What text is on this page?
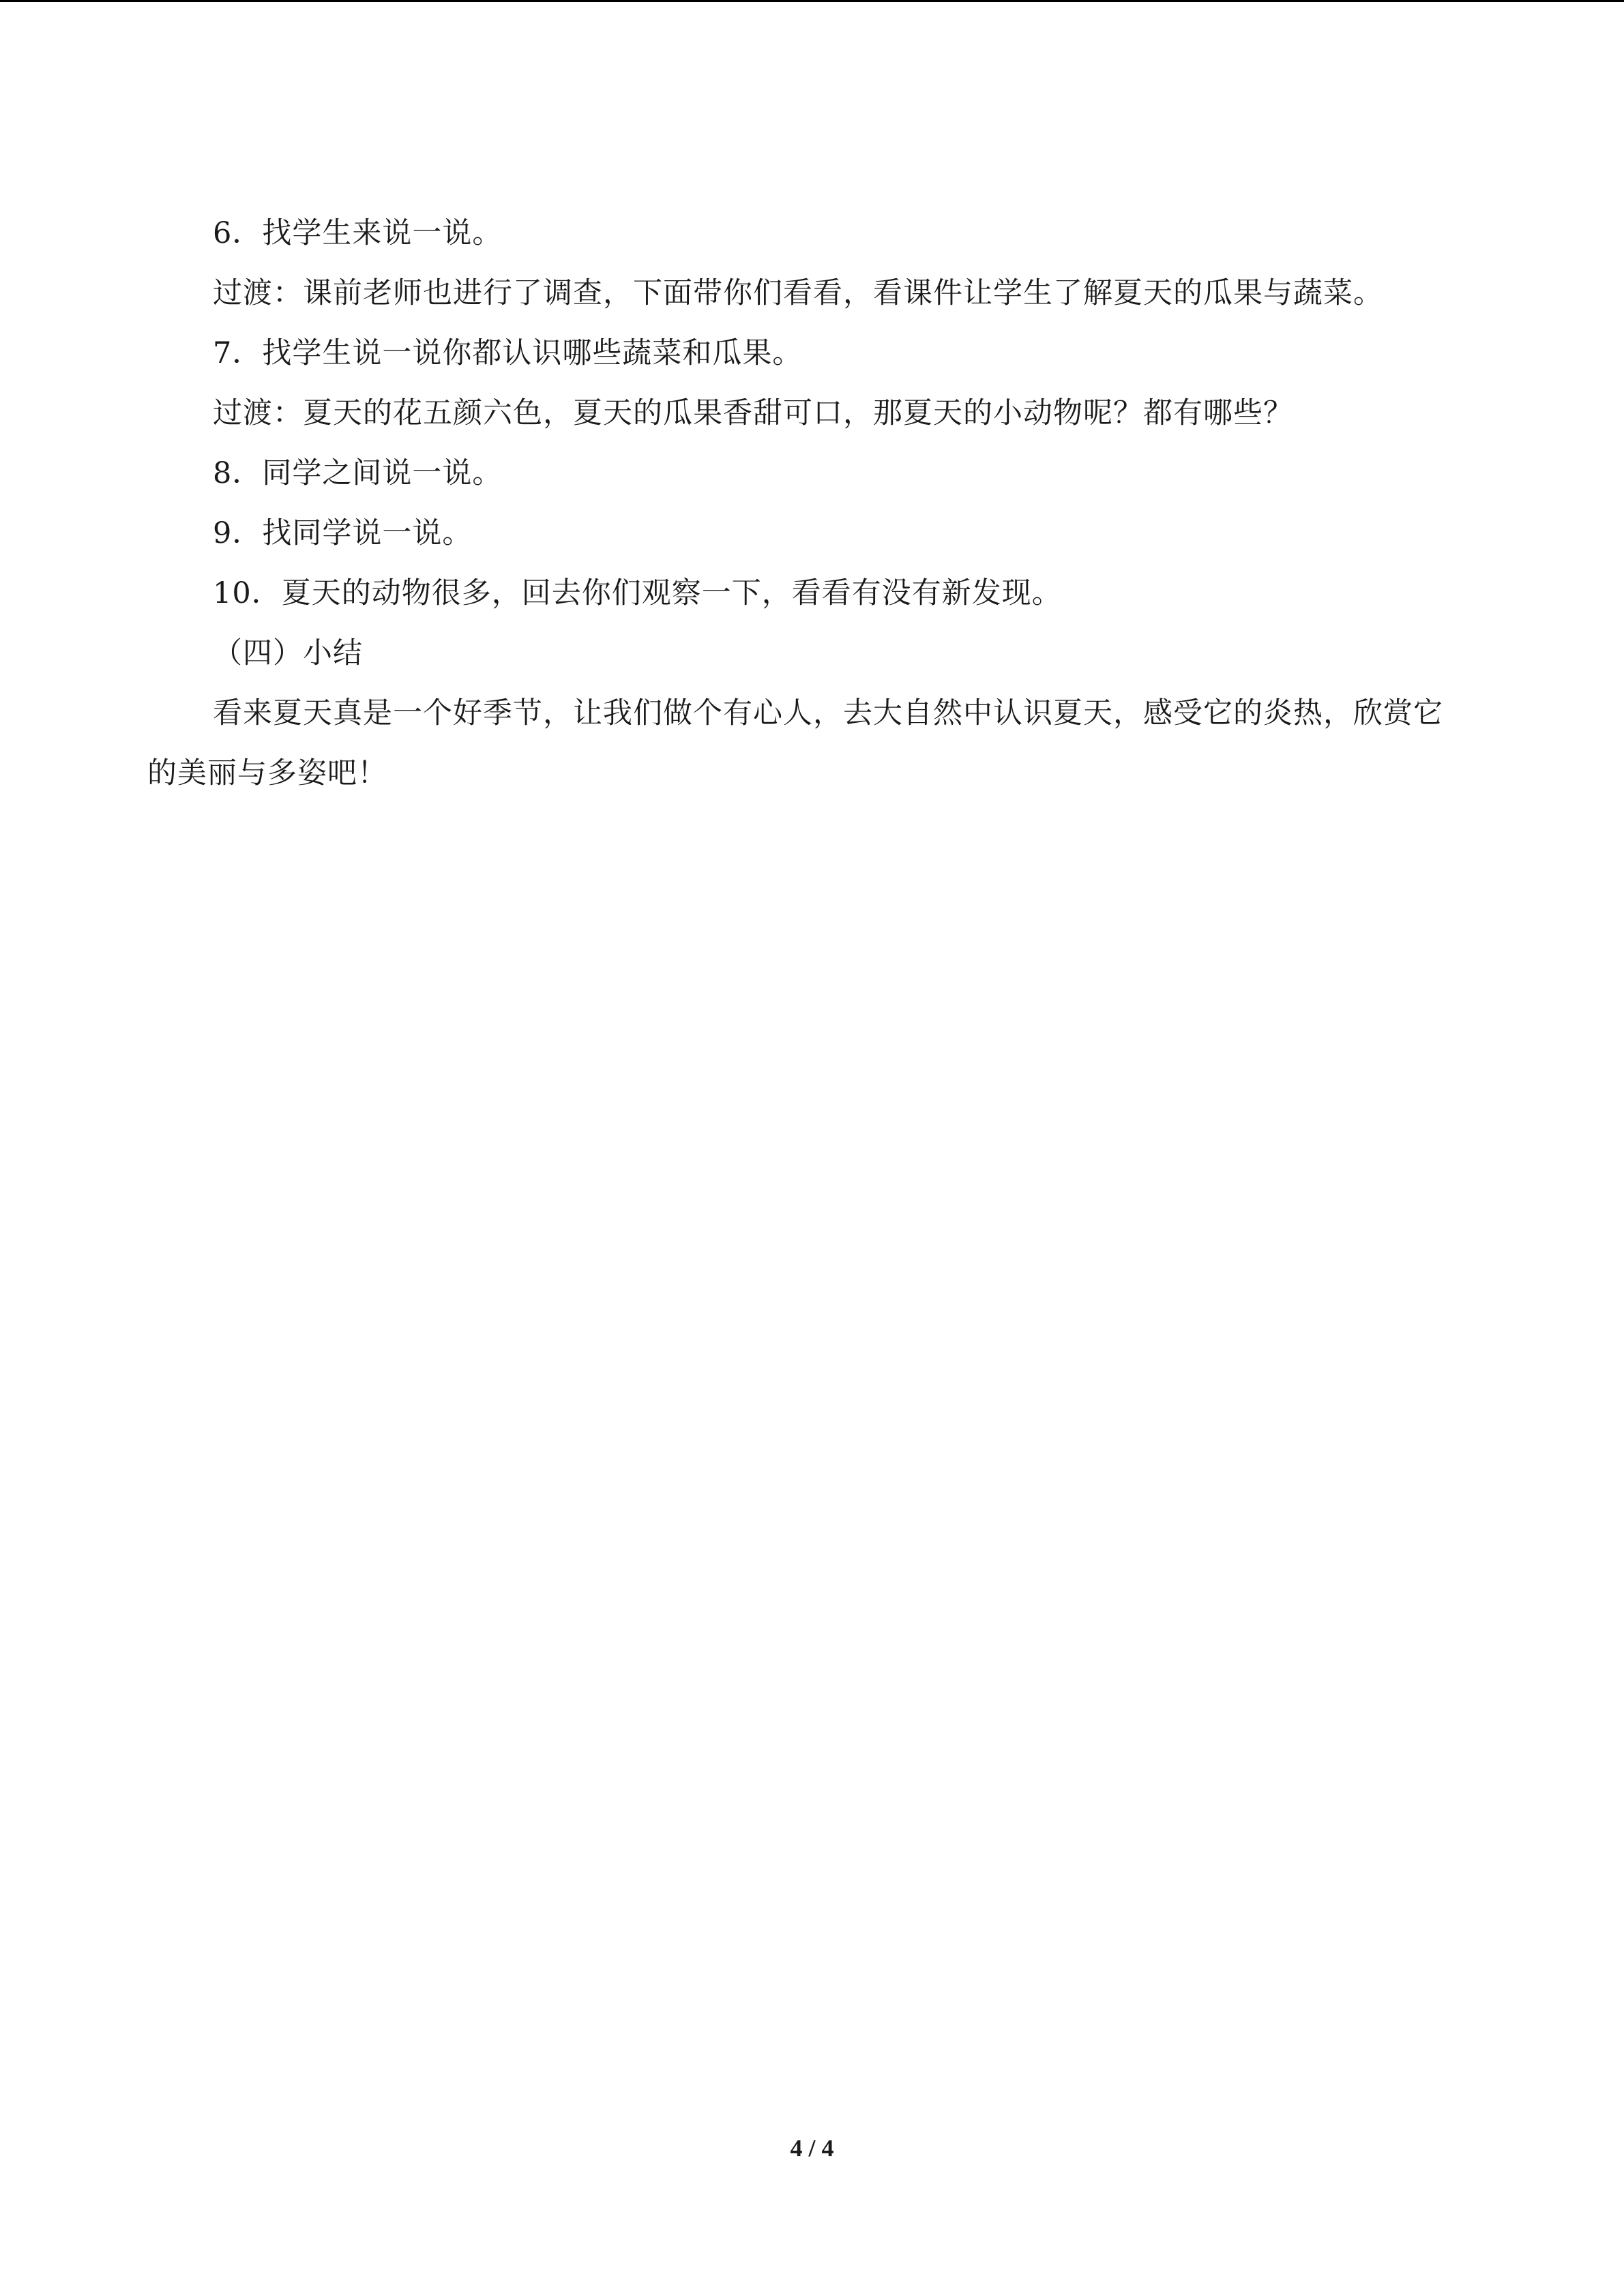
6．找学生来说一说。

过渡：课前老师也进行了调查，下面带你们看看，看课件让学生了解夏天的瓜果与蔬菜。

7．找学生说一说你都认识哪些蔬菜和瓜果。

过渡：夏天的花五颜六色，夏天的瓜果香甜可口，那夏天的小动物呢？都有哪些？

8．同学之间说一说。

9．找同学说一说。

10．夏天的动物很多，回去你们观察一下，看看有没有新发现。

（四）小结

看来夏天真是一个好季节，让我们做个有心人，去大自然中认识夏天，感受它的炎热，欣赏它的美丽与多姿吧！

4 / 4
